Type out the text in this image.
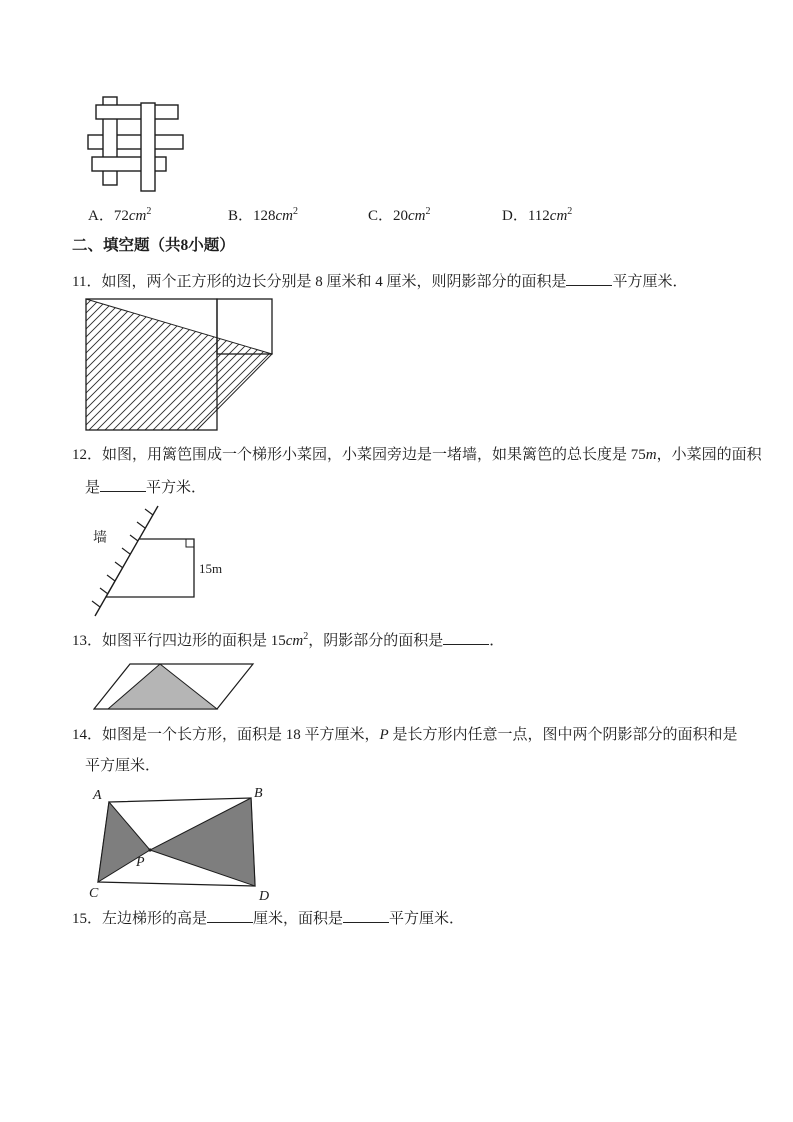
A．$72cm^2$	B．$128cm^2$	C．$20cm^2$	D．$112cm^2$
二、填空题（共8小题）
11．如图，两个正方形的边长分别是 8 厘米和 4 厘米，则阴影部分的面积是	平方厘米．
12．如图，用篱笆围成一个梯形小菜园，小菜园旁边是一堵墙，如果篱笆的总长度是 75m，小菜园的面积
是	平方米．
墙
15m
13．如图平行四边形的面积是 $15cm^2$，阴影部分的面积是	．
14．如图是一个长方形，面积是 18 平方厘米，P 是长方形内任意一点，图中两个阴影部分的面积和是
平方厘米．
A	B
C	D
P
15．左边梯形的高是	厘米，面积是	平方厘米．
